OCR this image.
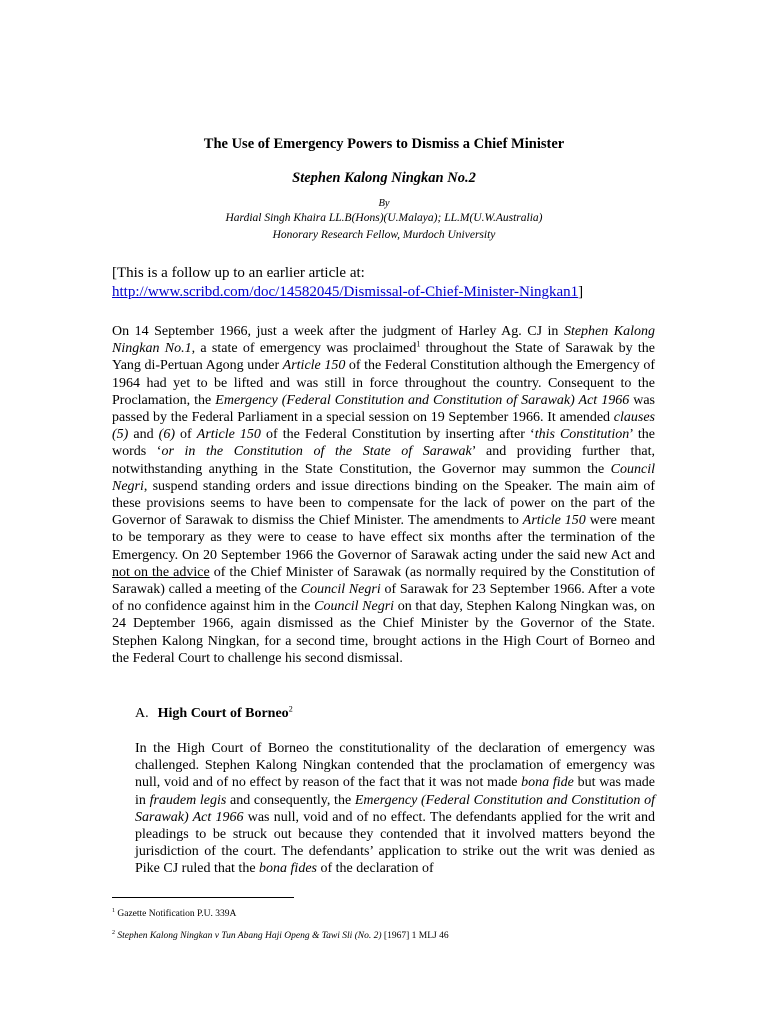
The Use of Emergency Powers to Dismiss a Chief Minister
Stephen Kalong Ningkan No.2
By
Hardial Singh Khaira LL.B(Hons)(U.Malaya); LL.M(U.W.Australia)
Honorary Research Fellow, Murdoch University
[This is a follow up to an earlier article at:
http://www.scribd.com/doc/14582045/Dismissal-of-Chief-Minister-Ningkan1]
On 14 September 1966, just a week after the judgment of Harley Ag. CJ in Stephen Kalong Ningkan No.1, a state of emergency was proclaimed$^1$ throughout the State of Sarawak by the Yang di-Pertuan Agong under Article 150 of the Federal Constitution although the Emergency of 1964 had yet to be lifted and was still in force throughout the country. Consequent to the Proclamation, the Emergency (Federal Constitution and Constitution of Sarawak) Act 1966 was passed by the Federal Parliament in a special session on 19 September 1966. It amended clauses (5) and (6) of Article 150 of the Federal Constitution by inserting after ‘this Constitution’ the words ‘or in the Constitution of the State of Sarawak’ and providing further that, notwithstanding anything in the State Constitution, the Governor may summon the Council Negri, suspend standing orders and issue directions binding on the Speaker. The main aim of these provisions seems to have been to compensate for the lack of power on the part of the Governor of Sarawak to dismiss the Chief Minister. The amendments to Article 150 were meant to be temporary as they were to cease to have effect six months after the termination of the Emergency. On 20 September 1966 the Governor of Sarawak acting under the said new Act and not on the advice of the Chief Minister of Sarawak (as normally required by the Constitution of Sarawak) called a meeting of the Council Negri of Sarawak for 23 September 1966. After a vote of no confidence against him in the Council Negri on that day, Stephen Kalong Ningkan was, on 24 Deptember 1966, again dismissed as the Chief Minister by the Governor of the State. Stephen Kalong Ningkan, for a second time, brought actions in the High Court of Borneo and the Federal Court to challenge his second dismissal.
A. High Court of Borneo$^2$
In the High Court of Borneo the constitutionality of the declaration of emergency was challenged. Stephen Kalong Ningkan contended that the proclamation of emergency was null, void and of no effect by reason of the fact that it was not made bona fide but was made in fraudem legis and consequently, the Emergency (Federal Constitution and Constitution of Sarawak) Act 1966 was null, void and of no effect. The defendants applied for the writ and pleadings to be struck out because they contended that it involved matters beyond the jurisdiction of the court. The defendants’ application to strike out the writ was denied as Pike CJ ruled that the bona fides of the declaration of
$^1$ Gazette Notification P.U. 339A
$^2$ Stephen Kalong Ningkan v Tun Abang Haji Openg & Tawi Sli (No. 2) [1967] 1 MLJ 46
